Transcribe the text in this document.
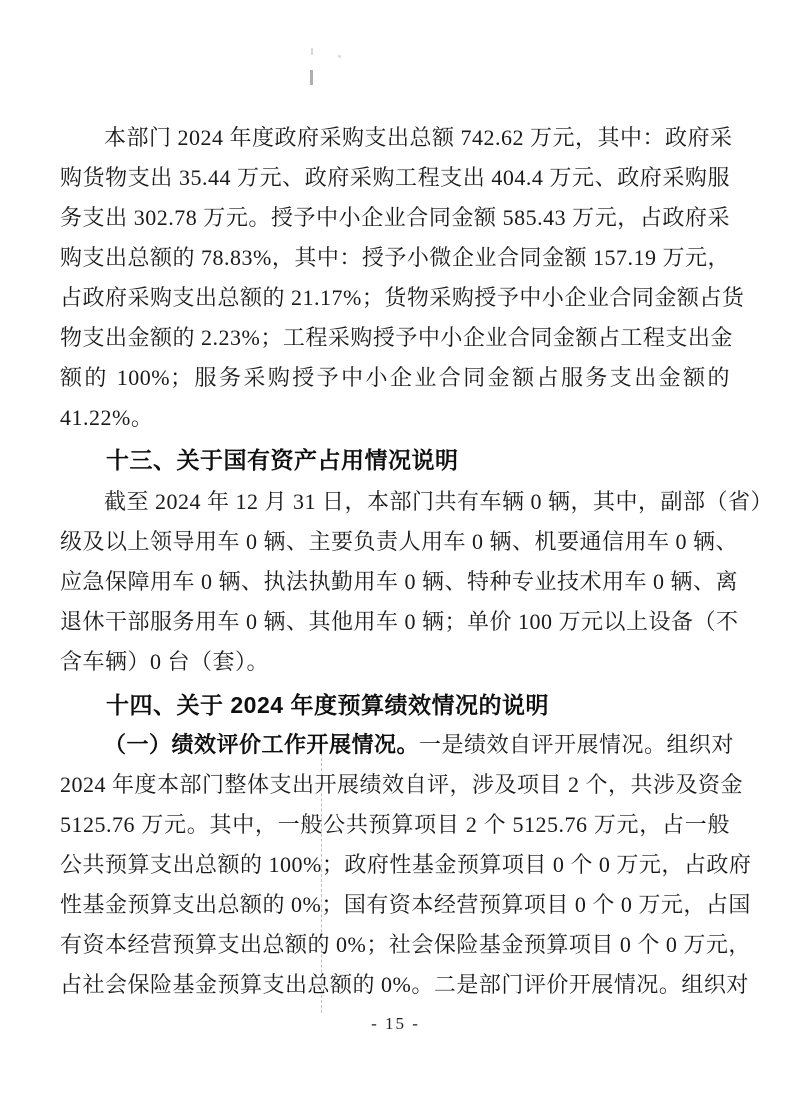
本部门 2024 年度政府采购支出总额 742.62 万元，其中：政府采
购货物支出 35.44 万元、政府采购工程支出 404.4 万元、政府采购服
务支出 302.78 万元。授予中小企业合同金额 585.43 万元，占政府采
购支出总额的 78.83%，其中：授予小微企业合同金额 157.19 万元，
占政府采购支出总额的 21.17%；货物采购授予中小企业合同金额占货
物支出金额的 2.23%；工程采购授予中小企业合同金额占工程支出金
额的 100%；服务采购授予中小企业合同金额占服务支出金额的
41.22%。
十三、关于国有资产占用情况说明
截至 2024 年 12 月 31 日，本部门共有车辆 0 辆，其中，副部（省）
级及以上领导用车 0 辆、主要负责人用车 0 辆、机要通信用车 0 辆、
应急保障用车 0 辆、执法执勤用车 0 辆、特种专业技术用车 0 辆、离
退休干部服务用车 0 辆、其他用车 0 辆；单价 100 万元以上设备（不
含车辆）0 台（套）。
十四、关于 2024 年度预算绩效情况的说明
（一）绩效评价工作开展情况。一是绩效自评开展情况。组织对
2024 年度本部门整体支出开展绩效自评，涉及项目 2 个，共涉及资金
5125.76 万元。其中，一般公共预算项目 2 个 5125.76 万元，占一般
公共预算支出总额的 100%；政府性基金预算项目 0 个 0 万元，占政府
性基金预算支出总额的 0%；国有资本经营预算项目 0 个 0 万元，占国
有资本经营预算支出总额的 0%；社会保险基金预算项目 0 个 0 万元，
占社会保险基金预算支出总额的 0%。二是部门评价开展情况。组织对
- 15 -
